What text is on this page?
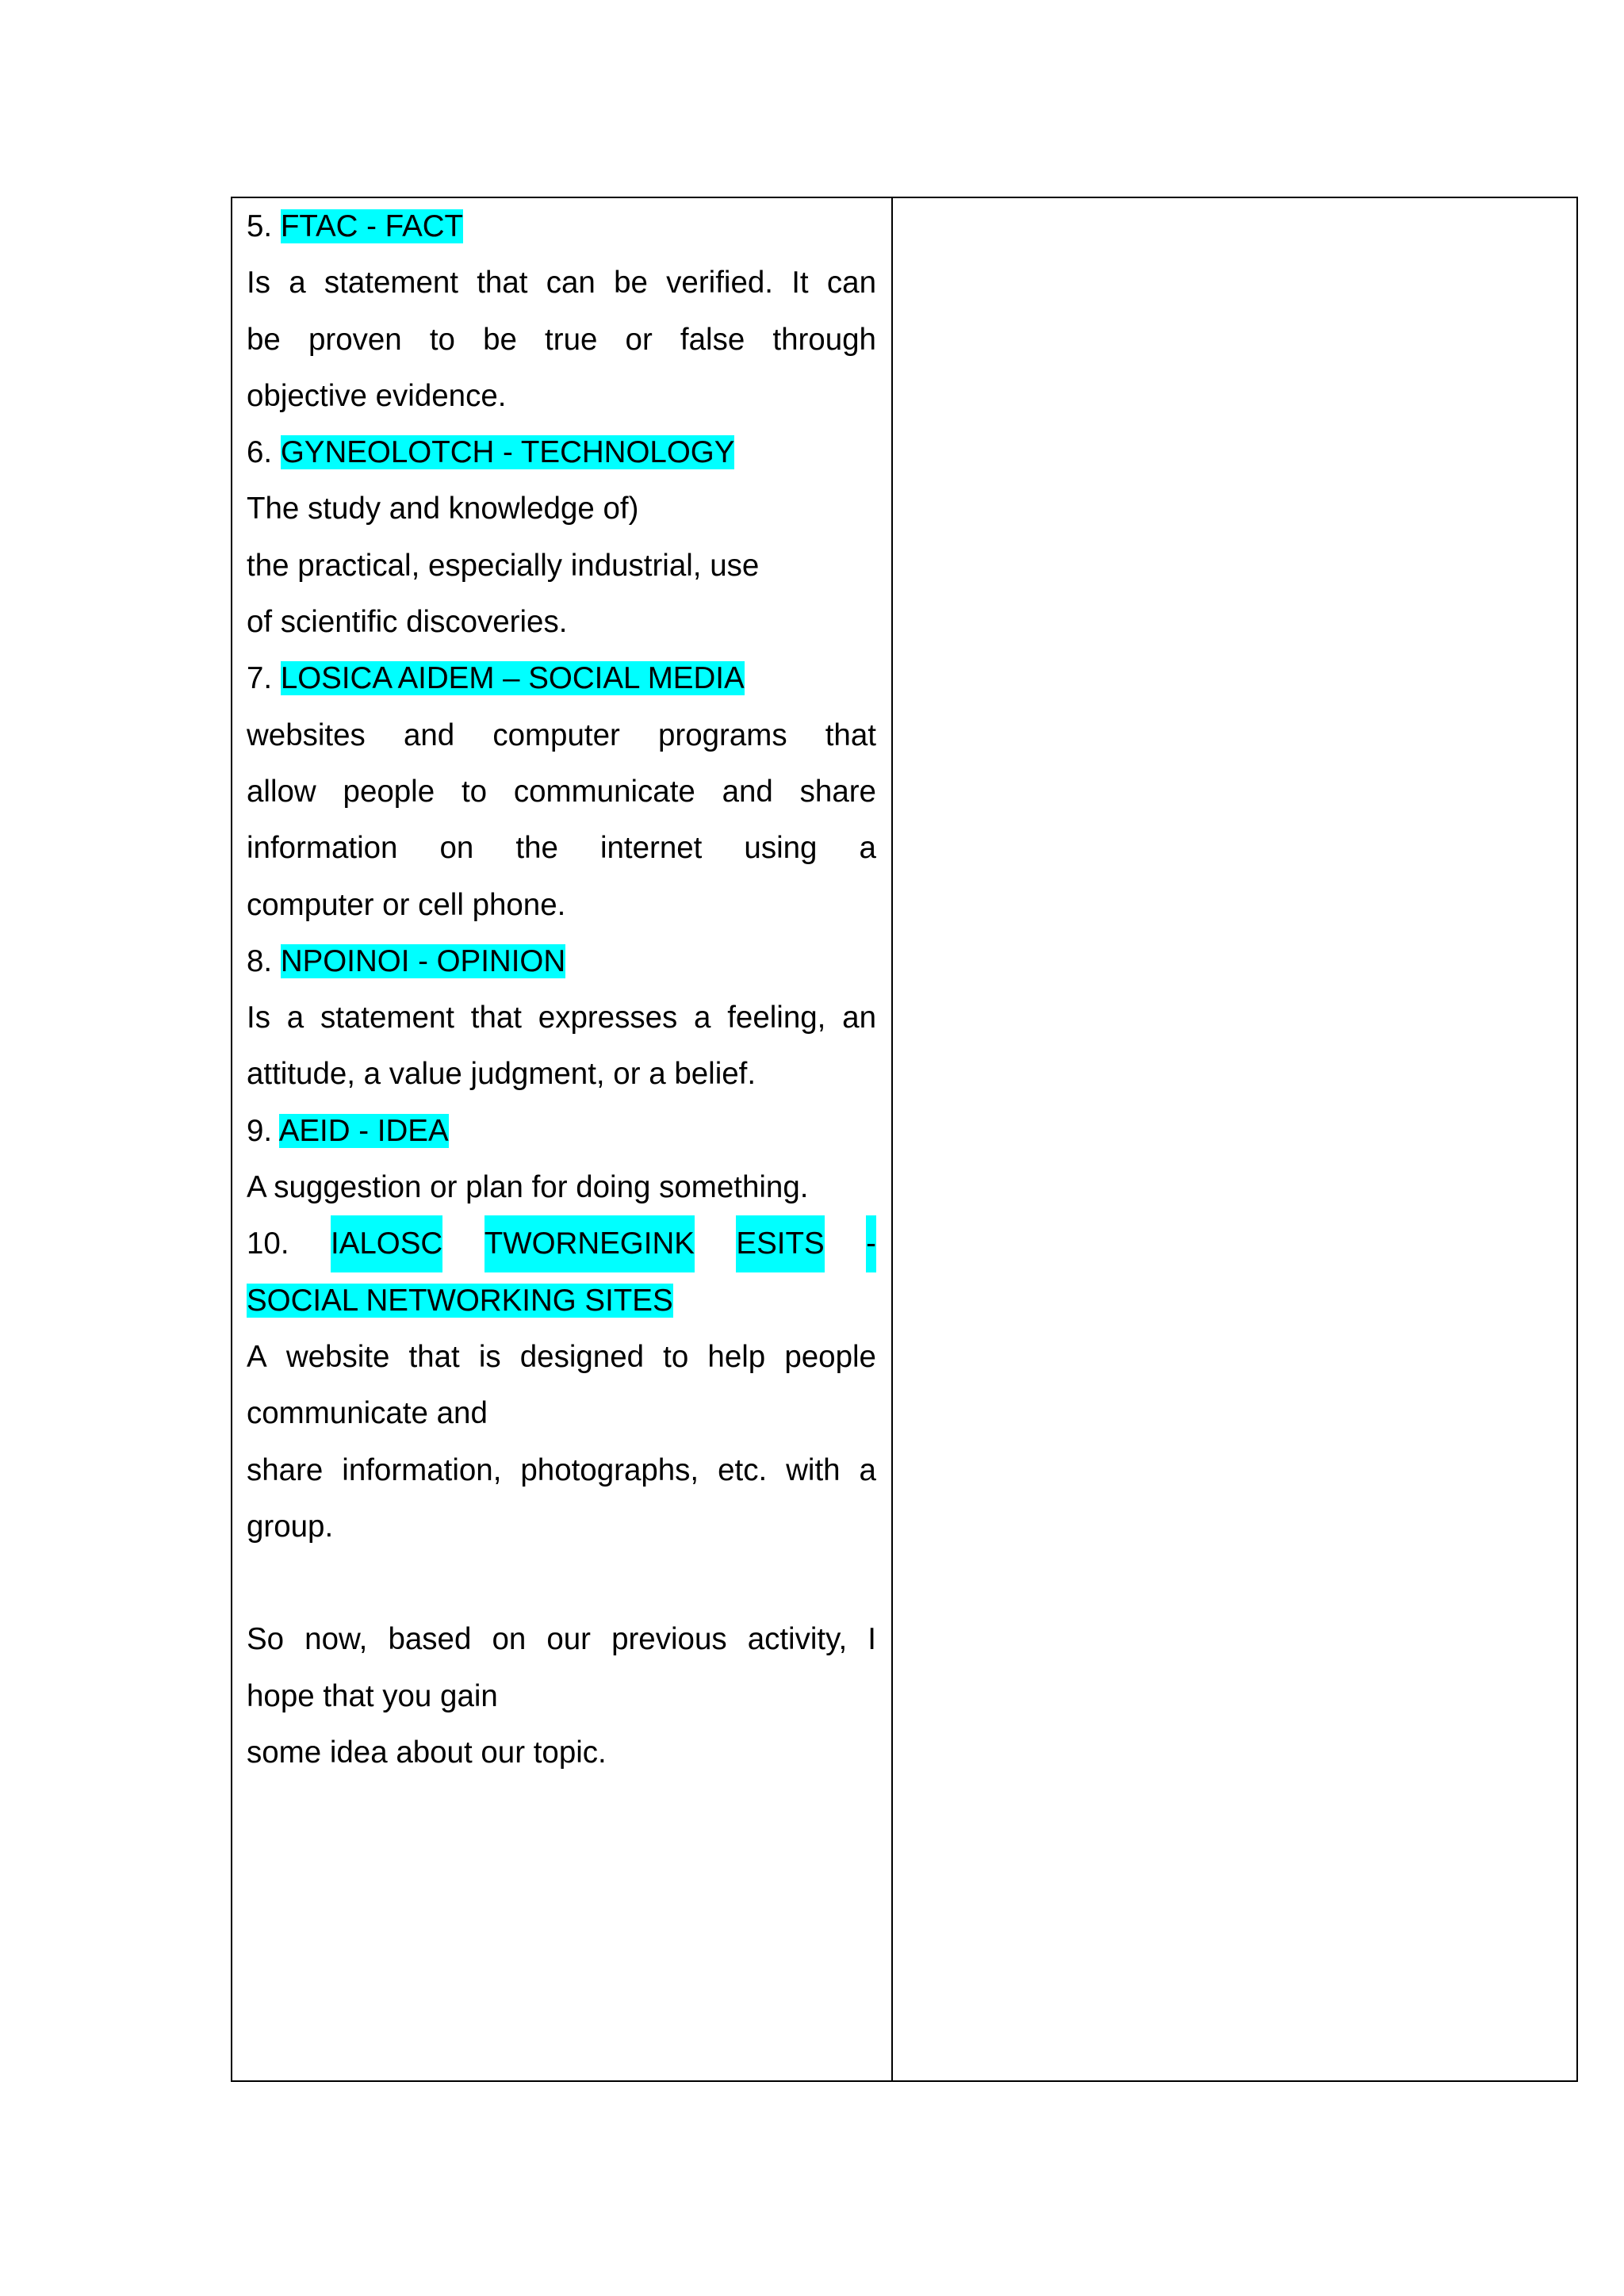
5. FTAC - FACT
Is a statement that can be verified. It can
be proven to be true or false through
objective evidence.
6. GYNEOLOTCH - TECHNOLOGY
The study and knowledge of)
the practical, especially industrial, use
of scientific discoveries.
7. LOSICA AIDEM – SOCIAL MEDIA
websites and computer programs that
allow people to communicate and share
information on the internet using a
computer or cell phone.
8. NPOINOI - OPINION
Is a statement that expresses a feeling, an
attitude, a value judgment, or a belief.
9. AEID - IDEA
A suggestion or plan for doing something.
10. IALOSC TWORNEGINK ESITS -
SOCIAL NETWORKING SITES
A website that is designed to help people
communicate and
share information, photographs, etc. with a
group.
So now, based on our previous activity, I
hope that you gain
some idea about our topic.
